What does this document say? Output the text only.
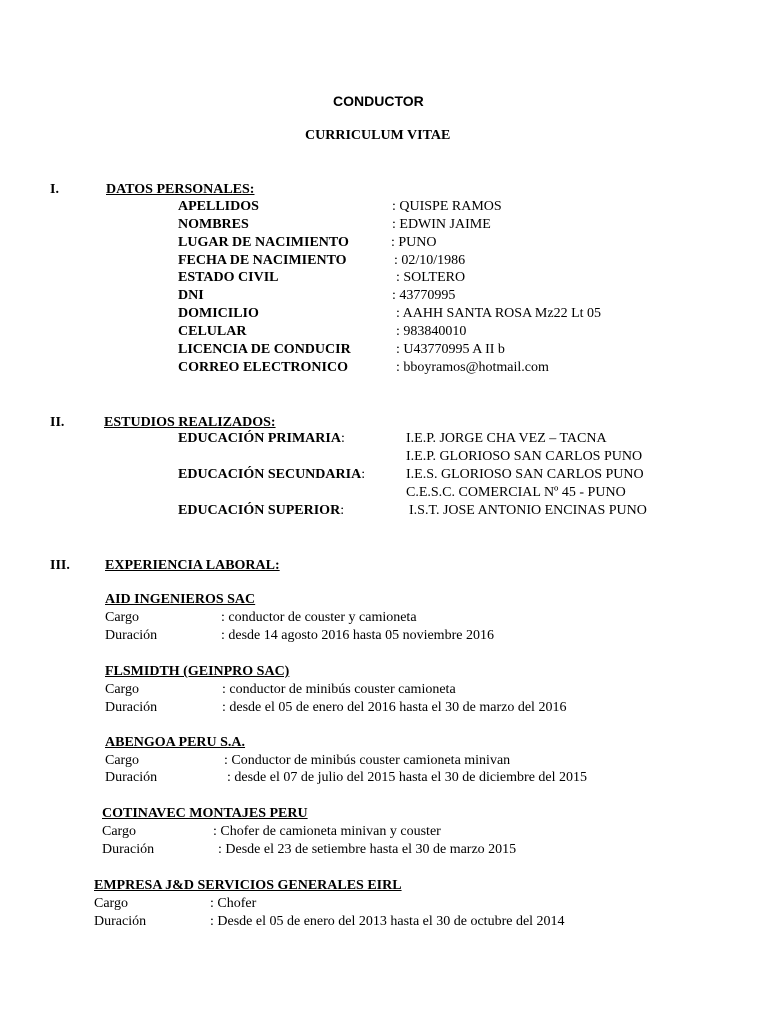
CONDUCTOR
CURRICULUM VITAE
I.	DATOS PERSONALES:
APELLIDOS	: QUISPE RAMOS
NOMBRES	: EDWIN JAIME
LUGAR DE NACIMIENTO	: PUNO
FECHA DE NACIMIENTO	: 02/10/1986
ESTADO CIVIL	: SOLTERO
DNI	: 43770995
DOMICILIO	: AAHH SANTA ROSA Mz22 Lt 05
CELULAR	: 983840010
LICENCIA DE CONDUCIR	: U43770995 A II b
CORREO ELECTRONICO	: bboyramos@hotmail.com
II.	ESTUDIOS REALIZADOS:
EDUCACIÓN PRIMARIA:	I.E.P. JORGE CHA VEZ – TACNA
I.E.P. GLORIOSO SAN CARLOS PUNO
EDUCACIÓN SECUNDARIA:	I.E.S. GLORIOSO SAN CARLOS PUNO
C.E.S.C. COMERCIAL Nº 45 - PUNO
EDUCACIÓN SUPERIOR:	I.S.T. JOSE ANTONIO ENCINAS PUNO
III.	EXPERIENCIA LABORAL:
AID INGENIEROS SAC
Cargo	: conductor de couster y camioneta
Duración	: desde 14 agosto 2016 hasta 05 noviembre 2016
FLSMIDTH (GEINPRO SAC)
Cargo	: conductor de minibús couster camioneta
Duración	: desde el 05 de enero del 2016 hasta el 30 de marzo del 2016
ABENGOA PERU S.A.
Cargo	: Conductor de minibús couster camioneta minivan
Duración	: desde el 07 de julio del 2015 hasta el 30 de diciembre del 2015
COTINAVEC MONTAJES PERU
Cargo	: Chofer de camioneta minivan y couster
Duración	: Desde el 23 de setiembre hasta el 30 de marzo 2015
EMPRESA J&D SERVICIOS GENERALES EIRL
Cargo	: Chofer
Duración	: Desde el 05 de enero del 2013 hasta el 30 de octubre del 2014
